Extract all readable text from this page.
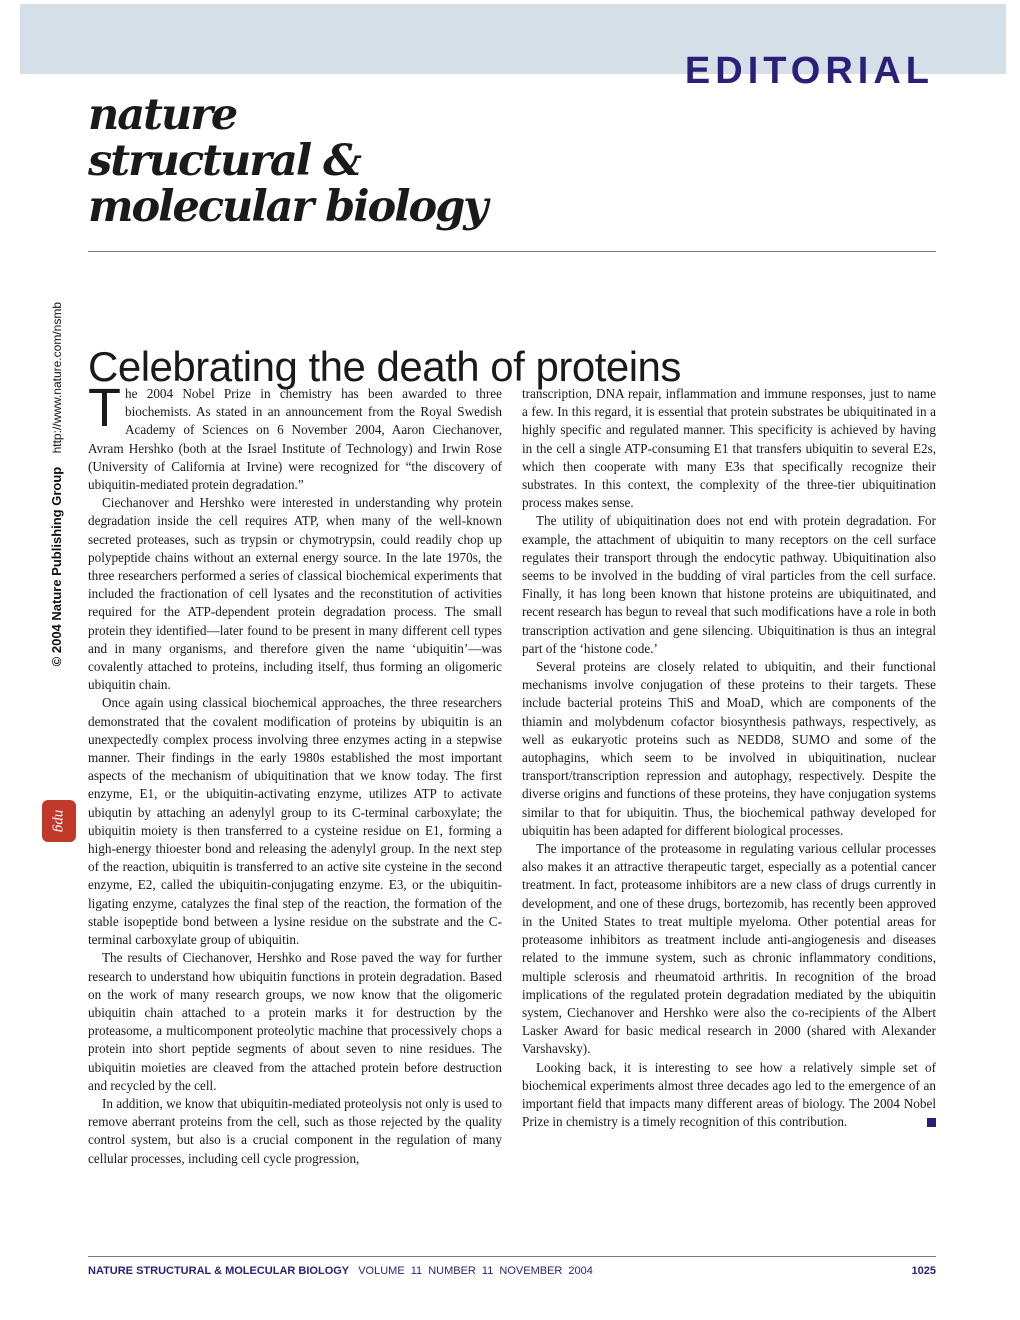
EDITORIAL
nature
structural &
molecular biology
© 2004 Nature Publishing Group    http://www.nature.com/nsmb
npg
Celebrating the death of proteins

The 2004 Nobel Prize in chemistry has been awarded to three biochemists. As stated in an announcement from the Royal Swedish Academy of Sciences on 6 November 2004, Aaron Ciechanover, Avram Hershko (both at the Israel Institute of Technology) and Irwin Rose (University of California at Irvine) were recognized for “the discovery of ubiquitin-mediated protein degradation.”

Ciechanover and Hershko were interested in understanding why protein degradation inside the cell requires ATP, when many of the well-known secreted proteases, such as trypsin or chymotrypsin, could readily chop up polypeptide chains without an external energy source. In the late 1970s, the three researchers performed a series of classical biochemical experiments that included the fractionation of cell lysates and the reconstitution of activities required for the ATP-dependent protein degradation process. The small protein they identified—later found to be present in many different cell types and in many organisms, and therefore given the name ‘ubiquitin’—was covalently attached to proteins, including itself, thus forming an oligomeric ubiquitin chain.

Once again using classical biochemical approaches, the three researchers demonstrated that the covalent modification of proteins by ubiquitin is an unexpectedly complex process involving three enzymes acting in a stepwise manner. Their findings in the early 1980s established the most important aspects of the mechanism of ubiquitination that we know today. The first enzyme, E1, or the ubiquitin-activating enzyme, utilizes ATP to activate ubiqutin by attaching an adenylyl group to its C-terminal carboxylate; the ubiquitin moiety is then transferred to a cysteine residue on E1, forming a high-energy thioester bond and releasing the adenylyl group. In the next step of the reaction, ubiquitin is transferred to an active site cysteine in the second enzyme, E2, called the ubiquitin-conjugating enzyme. E3, or the ubiquitin-ligating enzyme, catalyzes the final step of the reaction, the formation of the stable isopeptide bond between a lysine residue on the substrate and the C-terminal carboxylate group of ubiquitin.

The results of Ciechanover, Hershko and Rose paved the way for further research to understand how ubiquitin functions in protein degradation. Based on the work of many research groups, we now know that the oligomeric ubiquitin chain attached to a protein marks it for destruction by the proteasome, a multicomponent proteolytic machine that processively chops a protein into short peptide segments of about seven to nine residues. The ubiquitin moieties are cleaved from the attached protein before destruction and recycled by the cell.

In addition, we know that ubiquitin-mediated proteolysis not only is used to remove aberrant proteins from the cell, such as those rejected by the quality control system, but also is a crucial component in the regulation of many cellular processes, including cell cycle progression,

transcription, DNA repair, inflammation and immune responses, just to name a few. In this regard, it is essential that protein substrates be ubiquitinated in a highly specific and regulated manner. This specificity is achieved by having in the cell a single ATP-consuming E1 that transfers ubiquitin to several E2s, which then cooperate with many E3s that specifically recognize their substrates. In this context, the complexity of the three-tier ubiquitination process makes sense.

The utility of ubiquitination does not end with protein degradation. For example, the attachment of ubiquitin to many receptors on the cell surface regulates their transport through the endocytic pathway. Ubiquitination also seems to be involved in the budding of viral particles from the cell surface. Finally, it has long been known that histone proteins are ubiquitinated, and recent research has begun to reveal that such modifications have a role in both transcription activation and gene silencing. Ubiquitination is thus an integral part of the ‘histone code.’

Several proteins are closely related to ubiquitin, and their functional mechanisms involve conjugation of these proteins to their targets. These include bacterial proteins ThiS and MoaD, which are components of the thiamin and molybdenum cofactor biosynthesis pathways, respectively, as well as eukaryotic proteins such as NEDD8, SUMO and some of the autophagins, which seem to be involved in ubiquitination, nuclear transport/transcription repression and autophagy, respectively. Despite the diverse origins and functions of these proteins, they have conjugation systems similar to that for ubiquitin. Thus, the biochemical pathway developed for ubiquitin has been adapted for different biological processes.

The importance of the proteasome in regulating various cellular processes also makes it an attractive therapeutic target, especially as a potential cancer treatment. In fact, proteasome inhibitors are a new class of drugs currently in development, and one of these drugs, bortezomib, has recently been approved in the United States to treat multiple myeloma. Other potential areas for proteasome inhibitors as treatment include anti-angiogenesis and diseases related to the immune system, such as chronic inflammatory conditions, multiple sclerosis and rheumatoid arthritis. In recognition of the broad implications of the regulated protein degradation mediated by the ubiquitin system, Ciechanover and Hershko were also the co-recipients of the Albert Lasker Award for basic medical research in 2000 (shared with Alexander Varshavsky).

Looking back, it is interesting to see how a relatively simple set of biochemical experiments almost three decades ago led to the emergence of an important field that impacts many different areas of biology. The 2004 Nobel Prize in chemistry is a timely recognition of this contribution.

NATURE STRUCTURAL & MOLECULAR BIOLOGY VOLUME 11 NUMBER 11 NOVEMBER 2004	1025
